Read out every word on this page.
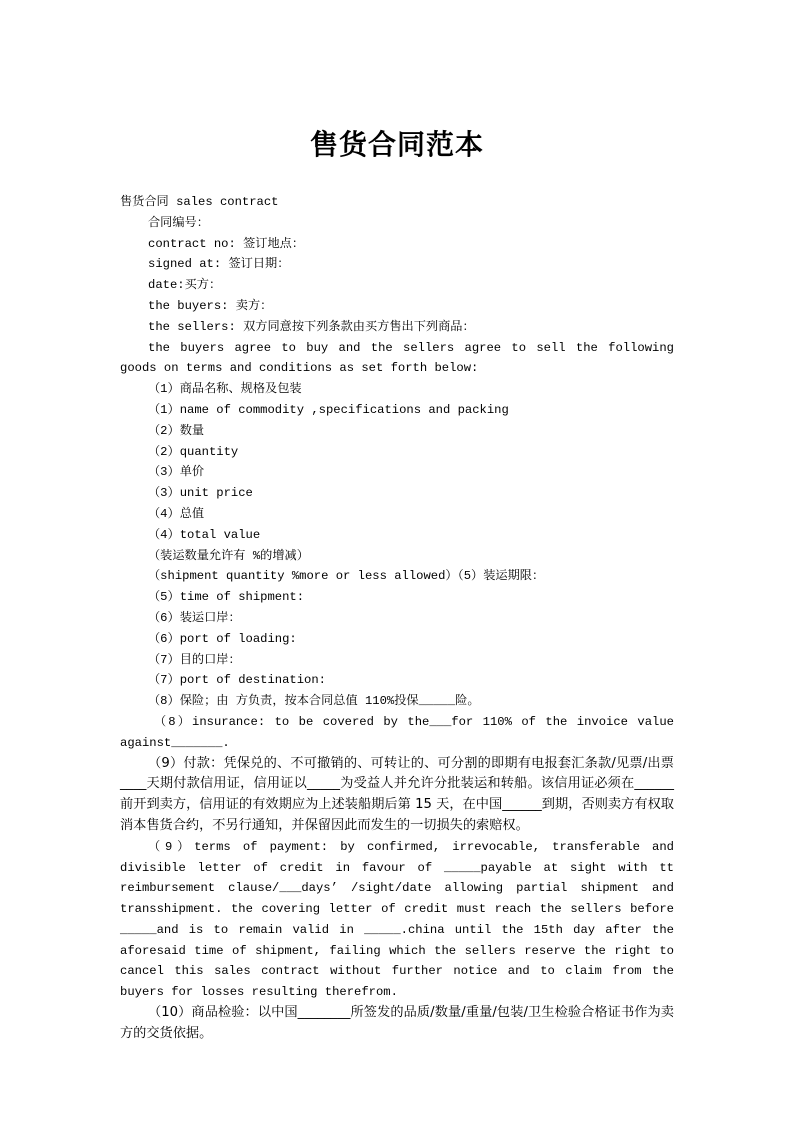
售货合同范本

售货合同 sales contract

合同编号：

contract no: 签订地点：

signed at: 签订日期：

date:买方：

the buyers: 卖方：

the sellers: 双方同意按下列条款由买方售出下列商品：

the buyers agree to buy and the sellers agree to sell the following goods on terms and conditions as set forth below:

（1）商品名称、规格及包装

（1）name of commodity ,specifications and packing

（2）数量

（2）quantity

（3）单价

（3）unit price

（4）总值

（4）total value

（装运数量允许有 %的增减）

（shipment quantity %more or less allowed）（5）装运期限：

（5）time of shipment:

（6）装运口岸：

（6）port of loading:

（7）目的口岸：

（7）port of destination:

（8）保险；由 方负责，按本合同总值 110%投保_____险。

（8）insurance: to be covered by the___for 110% of the invoice value against_______.

（9）付款：凭保兑的、不可撤销的、可转让的、可分割的即期有电报套汇条款/见票/出票____天期付款信用证，信用证以_____为受益人并允许分批装运和转船。该信用证必须在______前开到卖方，信用证的有效期应为上述装船期后第 15 天，在中国______到期，否则卖方有权取消本售货合约，不另行通知，并保留因此而发生的一切损失的索赔权。

（9）terms of payment: by confirmed, irrevocable, transferable and divisible letter of credit in favour of _____payable at sight with tt reimbursement clause/___days’ /sight/date allowing partial shipment and transshipment. the covering letter of credit must reach the sellers before _____and is to remain valid in _____.china until the 15th day after the aforesaid time of shipment, failing which the sellers reserve the right to cancel this sales contract without further notice and to claim from the buyers for losses resulting therefrom.

（10）商品检验：以中国________所签发的品质/数量/重量/包装/卫生检验合格证书作为卖方的交货依据。
